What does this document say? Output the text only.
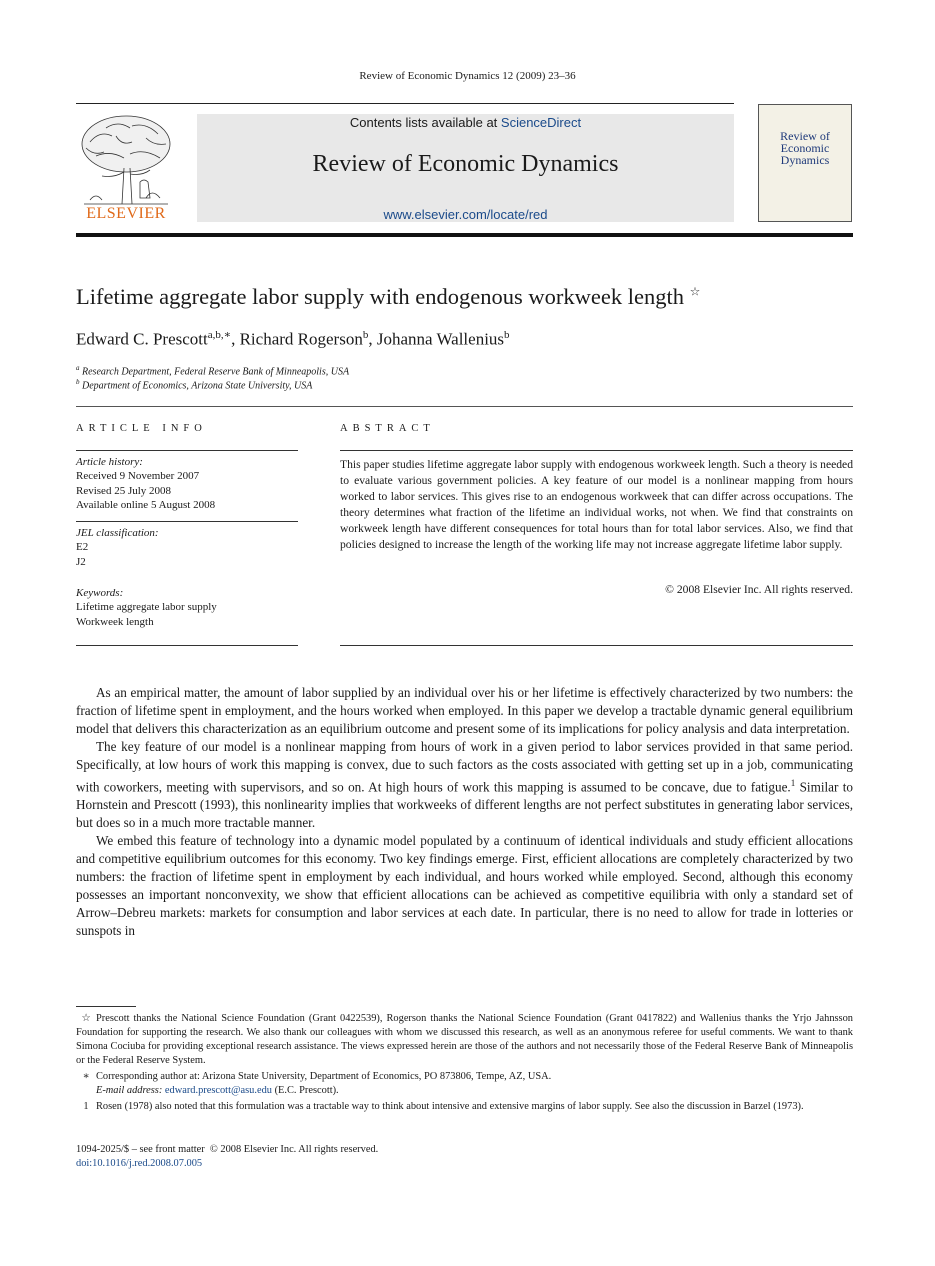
Review of Economic Dynamics 12 (2009) 23–36
ELSEVIER
Contents lists available at ScienceDirect
Review of Economic Dynamics
www.elsevier.com/locate/red
Review of Economic Dynamics
Lifetime aggregate labor supply with endogenous workweek length ☆
Edward C. Prescott$^{a,b,∗}$, Richard Rogerson$^b$, Johanna Wallenius$^b$
$^a$ Research Department, Federal Reserve Bank of Minneapolis, USA
$^b$ Department of Economics, Arizona State University, USA
ARTICLE INFO	ABSTRACT
Article history:
Received 9 November 2007
Revised 25 July 2008
Available online 5 August 2008
JEL classification:
E2
J2
Keywords:
Lifetime aggregate labor supply
Workweek length
This paper studies lifetime aggregate labor supply with endogenous workweek length. Such a theory is needed to evaluate various government policies. A key feature of our model is a nonlinear mapping from hours worked to labor services. This gives rise to an endogenous workweek that can differ across occupations. The theory determines what fraction of the lifetime an individual works, not when. We find that constraints on workweek length have different consequences for total hours than for total labor services. Also, we find that policies designed to increase the length of the working life may not increase aggregate lifetime labor supply.
© 2008 Elsevier Inc. All rights reserved.

As an empirical matter, the amount of labor supplied by an individual over his or her lifetime is effectively characterized by two numbers: the fraction of lifetime spent in employment, and the hours worked when employed. In this paper we develop a tractable dynamic general equilibrium model that delivers this characterization as an equilibrium outcome and present some of its implications for policy analysis and data interpretation.

The key feature of our model is a nonlinear mapping from hours of work in a given period to labor services provided in that same period. Specifically, at low hours of work this mapping is convex, due to such factors as the costs associated with getting set up in a job, communicating with coworkers, meeting with supervisors, and so on. At high hours of work this mapping is assumed to be concave, due to fatigue.$^1$ Similar to Hornstein and Prescott (1993), this nonlinearity implies that workweeks of different lengths are not perfect substitutes in generating labor services, but does so in a much more tractable manner.

We embed this feature of technology into a dynamic model populated by a continuum of identical individuals and study efficient allocations and competitive equilibrium outcomes for this economy. Two key findings emerge. First, efficient allocations are completely characterized by two numbers: the fraction of lifetime spent in employment by each individual, and hours worked while employed. Second, although this economy possesses an important nonconvexity, we show that efficient allocations can be achieved as competitive equilibria with only a standard set of Arrow–Debreu markets: markets for consumption and labor services at each date. In particular, there is no need to allow for trade in lotteries or sunspots in

☆ Prescott thanks the National Science Foundation (Grant 0422539), Rogerson thanks the National Science Foundation (Grant 0417822) and Wallenius thanks the Yrjo Jahnsson Foundation for supporting the research. We also thank our colleagues with whom we discussed this research, as well as an anonymous referee for useful comments. We want to thank Simona Cociuba for providing exceptional research assistance. The views expressed herein are those of the authors and not necessarily those of the Federal Reserve Bank of Minneapolis or the Federal Reserve System.

∗ Corresponding author at: Arizona State University, Department of Economics, PO 873806, Tempe, AZ, USA.

E-mail address: edward.prescott@asu.edu (E.C. Prescott).

1 Rosen (1978) also noted that this formulation was a tractable way to think about intensive and extensive margins of labor supply. See also the discussion in Barzel (1973).

1094-2025/$ – see front matter © 2008 Elsevier Inc. All rights reserved.
doi:10.1016/j.red.2008.07.005
